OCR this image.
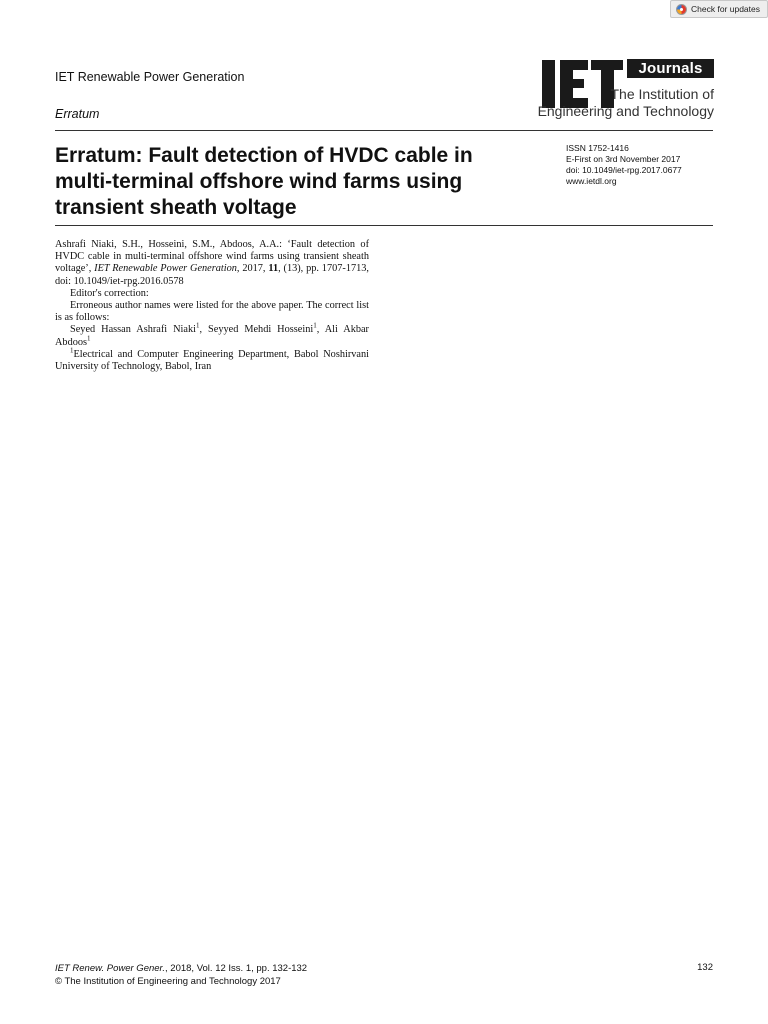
Check for updates
IET Renewable Power Generation
Erratum
Journals
The Institution of
Engineering and Technology
Erratum: Fault detection of HVDC cable in multi-terminal offshore wind farms using transient sheath voltage
ISSN 1752-1416
E-First on 3rd November 2017
doi: 10.1049/iet-rpg.2017.0677
www.ietdl.org

Ashrafi Niaki, S.H., Hosseini, S.M., Abdoos, A.A.: ‘Fault detection of HVDC cable in multi-terminal offshore wind farms using transient sheath voltage’, IET Renewable Power Generation, 2017, 11, (13), pp. 1707-1713, doi: 10.1049/iet-rpg.2016.0578

Editor's correction:

Erroneous author names were listed for the above paper. The correct list is as follows:

Seyed Hassan Ashrafi Niaki$^1$, Seyyed Mehdi Hosseini$^1$, Ali Akbar Abdoos$^1$

$^1$Electrical and Computer Engineering Department, Babol Noshirvani University of Technology, Babol, Iran

IET Renew. Power Gener., 2018, Vol. 12 Iss. 1, pp. 132-132
© The Institution of Engineering and Technology 2017
132
